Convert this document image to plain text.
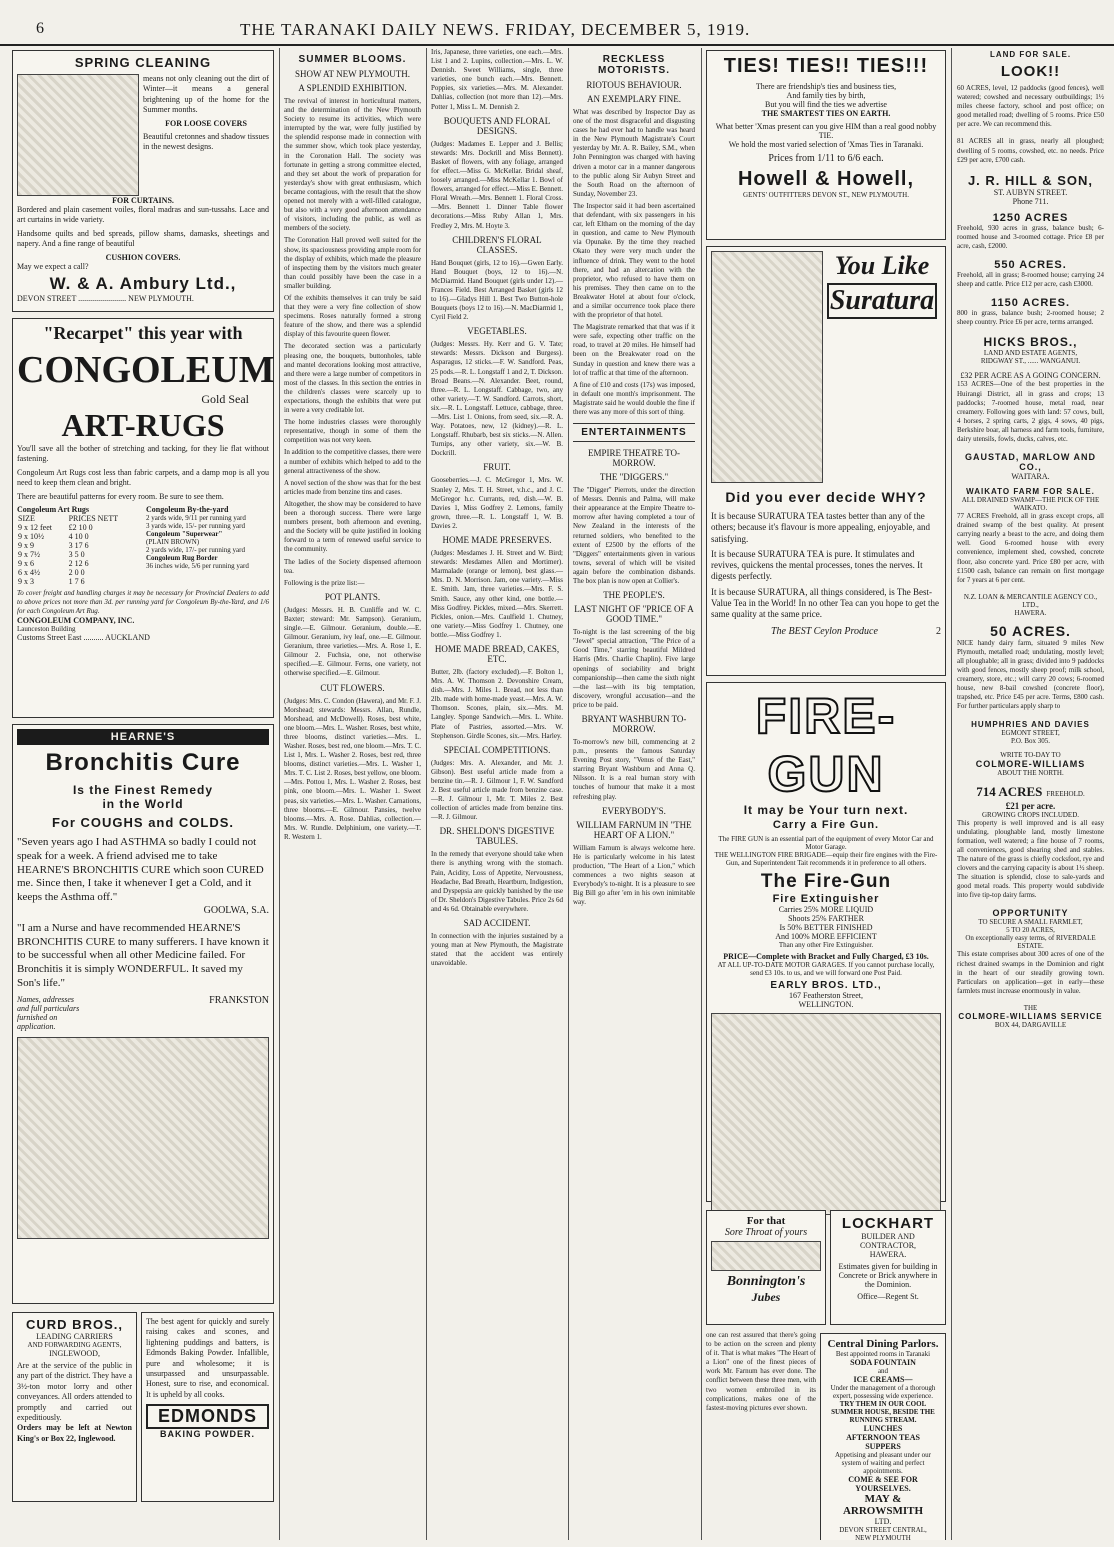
6	THE TARANAKI DAILY NEWS. FRIDAY, DECEMBER 5, 1919.
SPRING CLEANING

means not only cleaning out the dirt of Winter—it means a general brightening up of the home for the Summer months.

FOR LOOSE COVERS

Beautiful cretonnes and shadow tissues in the newest designs.

FOR CURTAINS.

Bordered and plain casement voiles, floral madras and sun-tussahs. Lace and art curtains in wide variety.

Handsome quilts and bed spreads, pillow shams, damasks, sheetings and napery. And a fine range of beautiful

CUSHION COVERS.
May we expect a call?
W. & A. Ambury Ltd.,
DEVON STREET ........................ NEW PLYMOUTH.
"Recarpet" this year with
CONGOLEUM
Gold Seal
ART-RUGS

You'll save all the bother of stretching and tacking, for they lie flat without fastening.

Congoleum Art Rugs cost less than fabric carpets, and a damp mop is all you need to keep them clean and bright.

There are beautiful patterns for every room. Be sure to see them.

Congoleum Art Rugs
SIZE	PRICES NETT
9 x 12 feet	£2 10 0
9 x 10½	4 10 0
9 x 9	3 17 6
9 x 7½	3 5 0
9 x 6	2 12 6
6 x 4½	2 0 0
9 x 3	1 7 6
Congoleum By-the-yard
2 yards wide, 9/11 per running yard
3 yards wide, 15/- per running yard
Congoleum "Superwear"
(PLAIN BROWN)
2 yards wide, 17/- per running yard
Congoleum Rug Border
36 inches wide, 5/6 per running yard
To cover freight and handling charges it may be necessary for Provincial Dealers to add to above prices not more than 3d. per running yard for Congoleum By-the-Yard, and 1/6 for each Congoleum Art Rug.
CONGOLEUM COMPANY, INC.
Launceston Building
Customs Street East .......... AUCKLAND
HEARNE'S
Bronchitis Cure
Is the Finest Remedy
in the World
For COUGHS and COLDS.
"Seven years ago I had ASTHMA so badly I could not speak for a week. A friend advised me to take HEARNE'S BRONCHITIS CURE which soon CURED me. Since then, I take it whenever I get a Cold, and it keeps the Asthma off."
GOOLWA, S.A.
"I am a Nurse and have recommended HEARNE'S BRONCHITIS CURE to many sufferers. I have known it to be successful when all other Medicine failed. For Bronchitis it is simply WONDERFUL. It saved my Son's life."
Names, addresses and full particulars furnished on application.
FRANKSTON
CURD BROS.,
LEADING CARRIERS
AND FORWARDING AGENTS,
INGLEWOOD,
Are at the service of the public in any part of the district. They have a 3½-ton motor lorry and other conveyances. All orders attended to promptly and carried out expeditiously.
Orders may be left at Newton King's or Box 22, Inglewood.
The best agent for quickly and surely raising cakes and scones, and lightening puddings and batters, is Edmonds Baking Powder. Infallible, pure and wholesome; it is unsurpassed and unsurpassable. Honest, sure to rise, and economical. It is upheld by all cooks.
EDMONDS
BAKING POWDER.
SUMMER BLOOMS.
SHOW AT NEW PLYMOUTH.
A SPLENDID EXHIBITION.

The revival of interest in horticultural matters, and the determination of the New Plymouth Society to resume its activities, which were interrupted by the war, were fully justified by the splendid response made in connection with the summer show, which took place yesterday, in the Coronation Hall. The society was fortunate in getting a strong committee elected, and they set about the work of preparation for yesterday's show with great enthusiasm, which became contagious, with the result that the show opened not merely with a well-filled catalogue, but also with a very good afternoon attendance of visitors, including the public, as well as members of the society.

The Coronation Hall proved well suited for the show, its spaciousness providing ample room for the display of exhibits, which made the pleasure of inspecting them by the visitors much greater than could possibly have been the case in a smaller building.

Of the exhibits themselves it can truly be said that they were a very fine collection of show specimens. Roses naturally formed a strong feature of the show, and there was a splendid display of this favourite queen flower.

The decorated section was a particularly pleasing one, the bouquets, buttonholes, table and mantel decorations looking most attractive, and there were a large number of competitors in most of the classes. In this section the entries in the children's classes were scarcely up to expectations, though the exhibits that were put in were a very creditable lot.

The home industries classes were thoroughly representative, though in some of them the competition was not very keen.

In addition to the competitive classes, there were a number of exhibits which helped to add to the general attractiveness of the show.

A novel section of the show was that for the best articles made from benzine tins and cases.

Altogether, the show may be considered to have been a thorough success. There were large numbers present, both afternoon and evening, and the Society will be quite justified in looking forward to a term of renewed useful service to the community.

The ladies of the Society dispensed afternoon tea.

Following is the prize list:—

POT PLANTS.
(Judges: Messrs. H. B. Cunliffe and W. C. Baxter; steward: Mr. Sampson). Geranium, single.—E. Gilmour. Geranium, double.—E. Gilmour. Geranium, ivy leaf, one.—E. Gilmour. Geranium, three varieties.—Mrs. A. Rose 1, E. Gilmour 2. Fuchsia, one, not otherwise specified.—E. Gilmour. Ferns, one variety, not otherwise specified.—E. Gilmour.
CUT FLOWERS.
(Judges: Mrs. C. Condon (Hawera), and Mr. F. J. Morshead; stewards: Messrs. Allan, Rundle, Morshead, and McDowell). Roses, best white, one bloom.—Mrs. L. Washer. Roses, best white, three blooms, distinct varieties.—Mrs. L. Washer. Roses, best red, one bloom.—Mrs. T. C. List 1, Mrs. L. Washer 2. Roses, best red, three blooms, distinct varieties.—Mrs. L. Washer 1, Mrs. T. C. List 2. Roses, best yellow, one bloom.—Mrs. Pottou 1, Mrs. L. Washer 2. Roses, best pink, one bloom.—Mrs. L. Washer 1. Sweet peas, six varieties.—Mrs. L. Washer. Carnations, three blooms.—E. Gilmour. Pansies, twelve blooms.—Mrs. A. Rose. Dahlias, collection.—Mrs. W. Rundle. Delphinium, one variety.—T. R. Western 1.
Iris, Japanese, three varieties, one each.—Mrs. List 1 and 2. Lupins, collection.—Mrs. L. W. Dennish. Sweet Williams, single, three varieties, one bunch each.—Mrs. Bennett. Poppies, six varieties.—Mrs. M. Alexander. Dahlias, collection (not more than 12).—Mrs. Potter 1, Miss L. M. Dennish 2.
BOUQUETS AND FLORAL DESIGNS.
(Judges: Madames E. Lepper and J. Bellis; stewards: Mrs. Dockrill and Miss Bennett). Basket of flowers, with any foliage, arranged for effect.—Miss G. McKellar. Bridal sheaf, loosely arranged.—Miss McKellar 1. Bowl of flowers, arranged for effect.—Miss E. Bennett. Floral Wreath.—Mrs. Bennett 1. Floral Cross.—Mrs. Bennett 1. Dinner Table flower decorations.—Miss Ruby Allan 1, Mrs. Fredley 2, Mrs. M. Hoyte 3.
CHILDREN'S FLORAL CLASSES.
Hand Bouquet (girls, 12 to 16).—Gwen Early. Hand Bouquet (boys, 12 to 16).—N. McDiarmid. Hand Bouquet (girls under 12).—Frances Field. Best Arranged Basket (girls 12 to 16).—Gladys Hill 1. Best Two Button-hole Bouquets (boys 12 to 16).—N. MacDiarmid 1, Cyril Field 2.
VEGETABLES.
(Judges: Messrs. Hy. Kerr and G. V. Tate; stewards: Messrs. Dickson and Burgess). Asparagus, 12 sticks.—F. W. Sandford. Peas, 25 pods.—R. L. Longstaff 1 and 2, T. Dickson. Broad Beans.—N. Alexander. Beet, round, three.—R. L. Longstaff. Cabbage, two, any other variety.—T. W. Sandford. Carrots, short, six.—R. L. Longstaff. Lettuce, cabbage, three.—Mrs. List 1. Onions, from seed, six.—R. A. Way. Potatoes, new, 12 (kidney).—R. L. Longstaff. Rhubarb, best six sticks.—N. Allen. Turnips, any other variety, six.—W. B. Dockrill.
FRUIT.
Gooseberries.—J. C. McGregor 1, Mrs. W. Stanley 2, Mrs. T. H. Street, v.h.c., and J. C. McGregor h.c. Currants, red, dish.—W. B. Davies 1, Miss Godfrey 2. Lemons, family grown, three.—R. L. Longstaff 1, W. B. Davies 2.
HOME MADE PRESERVES.
(Judges: Mesdames J. H. Street and W. Bird; stewards: Mesdames Allen and Mortimer). Marmalade (orange or lemon), best glass.—Mrs. D. N. Morrison. Jam, one variety.—Miss E. Smith. Jam, three varieties.—Mrs. F. S. Smith. Sauce, any other kind, one bottle.—Miss Godfrey. Pickles, mixed.—Mrs. Skerrett. Pickles, onion.—Mrs. Caulfield 1. Chutney, one variety.—Miss Godfrey 1. Chutney, one bottle.—Miss Godfrey 1.
HOME MADE BREAD, CAKES, ETC.
Butter, 2lb. (factory excluded).—F. Bolton 1, Mrs. A. W. Thomson 2. Devonshire Cream, dish.—Mrs. J. Miles 1. Bread, not less than 2lb. made with home-made yeast.—Mrs. A. W. Thomson. Scones, plain, six.—Mrs. M. Langley. Sponge Sandwich.—Mrs. L. White. Plate of Pastries, assorted.—Mrs. W. Stephenson. Girdle Scones, six.—Mrs. Harley.
SPECIAL COMPETITIONS.
(Judges: Mrs. A. Alexander, and Mr. J. Gibson). Best useful article made from a benzine tin.—R. J. Gilmour 1, F. W. Sandford 2. Best useful article made from benzine case.—R. J. Gilmour 1, Mr. T. Miles 2. Best collection of articles made from benzine tins.—R. J. Gilmour.
DR. SHELDON'S DIGESTIVE TABULES.
In the remedy that everyone should take when there is anything wrong with the stomach. Pain, Acidity, Loss of Appetite, Nervousness, Headache, Bad Breath, Heartburn, Indigestion, and Dyspepsia are quickly banished by the use of Dr. Sheldon's Digestive Tabules. Price 2s 6d and 4s 6d. Obtainable everywhere.
SAD ACCIDENT.
In connection with the injuries sustained by a young man at New Plymouth, the Magistrate stated that the accident was entirely unavoidable.
RECKLESS MOTORISTS.
RIOTOUS BEHAVIOUR.
AN EXEMPLARY FINE.

What was described by Inspector Day as one of the most disgraceful and disgusting cases he had ever had to handle was heard in the New Plymouth Magistrate's Court yesterday by Mr. A. R. Bailey, S.M., when John Pennington was charged with having driven a motor car in a manner dangerous to the public along Sir Aubyn Street and the South Road on the afternoon of Sunday, November 23.

The Inspector said it had been ascertained that defendant, with six passengers in his car, left Eltham on the morning of the day in question, and came to New Plymouth via Opunake. By the time they reached Okato they were very much under the influence of drink. They went to the hotel there, and had an altercation with the proprietor, who refused to have them on his premises. They then came on to the Breakwater Hotel at about four o'clock, and a similar occurrence took place there with the proprietor of that hotel.

The Magistrate remarked that that was if it were safe, expecting other traffic on the road, to travel at 20 miles. He himself had been on the Breakwater road on the Sunday in question and knew there was a lot of traffic at that time of the afternoon.

A fine of £10 and costs (17s) was imposed, in default one month's imprisonment. The Magistrate said he would double the fine if there was any more of this sort of thing.

ENTERTAINMENTS
EMPIRE THEATRE TO-MORROW.
THE "DIGGERS."
The "Digger" Pierrots, under the direction of Messrs. Dennis and Palma, will make their appearance at the Empire Theatre to-morrow after having completed a tour of New Zealand in the interests of the returned soldiers, who benefited to the extent of £2500 by the efforts of the "Diggers" entertainments given in various towns, several of which will be visited again before the combination disbands. The box plan is now open at Collier's.
THE PEOPLE'S.
LAST NIGHT OF "PRICE OF A GOOD TIME."
To-night is the last screening of the big "Jewel" special attraction, "The Price of a Good Time," starring beautiful Mildred Harris (Mrs. Charlie Chaplin). Five large openings of sociability and bright companionship—then came the sixth night—the last—with its big temptation, discovery, wrongful accusation—and the price to be paid.
BRYANT WASHBURN TO-MORROW.
To-morrow's new bill, commencing at 2 p.m., presents the famous Saturday Evening Post story, "Venus of the East," starring Bryant Washburn and Anna Q. Nilsson. It is a real human story with touches of humour that make it a most refreshing play.
EVERYBODY'S.
WILLIAM FARNUM IN "THE HEART OF A LION."
William Farnum is always welcome here. He is particularly welcome in his latest production, "The Heart of a Lion," which commences a two nights season at Everybody's to-night. It is a pleasure to see Big Bill go after 'em in his own inimitable way.
TIES! TIES!! TIES!!!
There are friendship's ties and business ties,
And family ties by birth,
But you will find the ties we advertise
THE SMARTEST TIES ON EARTH.
What better 'Xmas present can you give HIM than a real good nobby TIE.
We hold the most varied selection of 'Xmas Ties in Taranaki.
Prices from 1/11 to 6/6 each.
Howell & Howell,
GENTS' OUTFITTERS DEVON ST., NEW PLYMOUTH.
You Like
Suratura
Did you ever decide WHY?
It is because SURATURA TEA tastes better than any of the others; because it's flavour is more appealing, enjoyable, and satisfying.
It is because SURATURA TEA is pure. It stimulates and revives, quickens the mental processes, tones the nerves. It digests perfectly.
It is because SURATURA, all things considered, is The Best-Value Tea in the World! In no other Tea can you hope to get the same quality at the same price.
The BEST Ceylon Produce	2
FIRE-GUN
It may be Your turn next.
Carry a Fire Gun.
The FIRE GUN is an essential part of the equipment of every Motor Car and Motor Garage.
THE WELLINGTON FIRE BRIGADE—equip their fire engines with the Fire-Gun, and Superintendent Tait recommends it in preference to all others.
The Fire-Gun
Fire Extinguisher
Carries 25% MORE LIQUID
Shoots 25% FARTHER
Is 50% BETTER FINISHED
And 100% MORE EFFICIENT
Than any other Fire Extinguisher.
PRICE—Complete with Bracket and Fully Charged, £3 10s.
AT ALL UP-TO-DATE MOTOR GARAGES. If you cannot purchase locally, send £3 10s. to us, and we will forward one Post Paid.
EARLY BROS. LTD.,
167 Featherston Street,
WELLINGTON.
For that
Sore Throat of yours
Bonnington's
Jubes
LOCKHART
BUILDER AND CONTRACTOR,
HAWERA.
Estimates given for building in Concrete or Brick anywhere in the Dominion.
Office—Regent St.
one can rest assured that there's going to be action on the screen and plenty of it. That is what makes "The Heart of a Lion" one of the finest pieces of work Mr. Farnum has ever done. The conflict between these three men, with two women embroiled in its complications, makes one of the fastest-moving pictures ever shown.
Central Dining Parlors.
Best appointed rooms in Taranaki
SODA FOUNTAIN
and
ICE CREAMS—
Under the management of a thorough expert, possessing wide experience.
TRY THEM IN OUR COOL SUMMER HOUSE, BESIDE THE RUNNING STREAM.
LUNCHES
AFTERNOON TEAS
SUPPERS
Appetising and pleasant under our system of waiting and perfect appointments.
COME & SEE FOR YOURSELVES.
MAY & ARROWSMITH
LTD.
DEVON STREET CENTRAL,
NEW PLYMOUTH
LAND FOR SALE.
LOOK!!
60 ACRES, level, 12 paddocks (good fences), well watered; cowshed and necessary outbuildings; 1½ miles cheese factory, school and post office; on good metalled road; dwelling of 5 rooms. Price £50 per acre. We can recommend this.
81 ACRES all in grass, nearly all ploughed; dwelling of 5 rooms, cowshed, etc. no needs. Price £29 per acre, £700 cash.
J. R. HILL & SON,
ST. AUBYN STREET.
Phone 711.
1250 ACRES
Freehold, 930 acres in grass, balance bush; 6-roomed house and 3-roomed cottage. Price £8 per acre, cash, £2000.
550 ACRES.
Freehold, all in grass; 8-roomed house; carrying 24 sheep and cattle. Price £12 per acre, cash £3000.
1150 ACRES.
800 in grass, balance bush; 2-roomed house; 2 sheep country. Price £6 per acre, terms arranged.
HICKS BROS.,
LAND AND ESTATE AGENTS,
RIDGWAY ST., ...... WANGANUI.
£32 PER ACRE AS A GOING CONCERN.
153 ACRES—One of the best properties in the Huirangi District, all in grass and crops; 13 paddocks; 7-roomed house, metal road, near creamery. Following goes with land: 57 cows, bull, 4 horses, 2 spring carts, 2 gigs, 4 sows, 40 pigs, Berkshire boar, all harness and farm tools, furniture, dairy utensils, fowls, ducks, calves, etc.
GAUSTAD, MARLOW AND CO.,
WAITARA.
WAIKATO FARM FOR SALE.
ALL DRAINED SWAMP—THE PICK OF THE WAIKATO.
77 ACRES Freehold, all in grass except crops, all drained swamp of the best quality. At present carrying nearly a beast to the acre, and doing them well. Good 6-roomed house with every convenience, implement shed, cowshed, concrete floor, also concrete yard. Price £80 per acre, with £1500 cash, balance can remain on first mortgage for 7 years at 6 per cent.
N.Z. LOAN & MERCANTILE AGENCY CO., LTD.,
HAWERA.
50 ACRES.
NICE handy dairy farm, situated 9 miles New Plymouth, metalled road; undulating, mostly level; all ploughable; all in grass; divided into 9 paddocks with good fences, mostly sheep proof; milk school, creamery, store, etc.; will carry 20 cows; 6-roomed house, new 8-bail cowshed (concrete floor), trapshed, etc. Price £45 per acre. Terms, £800 cash. For further particulars apply sharp to
HUMPHRIES AND DAVIES
EGMONT STREET,
P.O. Box 305.
WRITE TO-DAY TO
COLMORE-WILLIAMS
ABOUT THE NORTH.
714 ACRES FREEHOLD.
£21 per acre.
GROWING CROPS INCLUDED.
This property is well improved and is all easy undulating, ploughable land, mostly limestone formation, well watered; a fine house of 7 rooms, all conveniences, good shearing shed and stables. The nature of the grass is chiefly cocksfoot, rye and clovers and the carrying capacity is about 1½ sheep. The situation is splendid, close to sale-yards and good metal roads. This property would subdivide into five tip-top dairy farms.
OPPORTUNITY
TO SECURE A SMALL FARMLET,
5 TO 20 ACRES,
On exceptionally easy terms, of RIVERDALE ESTATE.
This estate comprises about 300 acres of one of the richest drained swamps in the Dominion and right in the heart of our steadily growing town. Particulars on application—get in early—these farmlets must increase enormously in value.
THE
COLMORE-WILLIAMS SERVICE
BOX 44, DARGAVILLE
